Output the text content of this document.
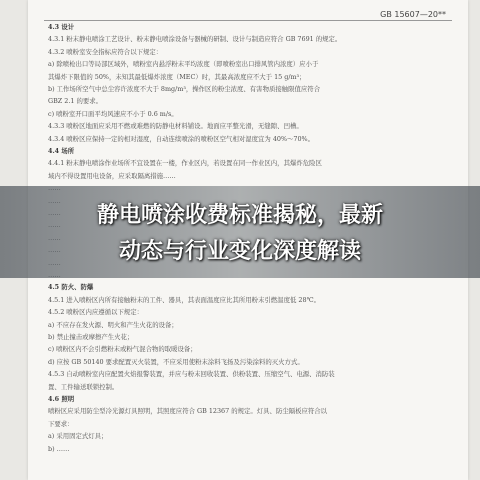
GB 15607—20**
4.3 设计
4.3.1 粉末静电喷涂工艺设计、粉末静电喷涂设备与器械的研制、设计与制造应符合 GB 7691 的规定。
4.3.2 喷粉室安全指标应符合以下规定：
a) 除喷枪出口等局部区域外，喷粉室内悬浮粉末平均浓度（即喷粉室出口排风管内浓度）应小于
其爆炸下限值的 50%，未知其最低爆炸浓度（MEC）时，其最高浓度应不大于 15 g/m³；
b) 工作场所空气中总尘容许浓度不大于 8mg/m³，操作区的粉尘浓度、有害物质接触限值应符合
GBZ 2.1 的要求。
c) 喷粉室开口面平均风速应不小于 0.6 m/s。
4.3.3 喷粉区地面应采用不燃或难燃的防静电材料铺设。地面应平整光滑，无缝隙、凹槽。
4.3.4 喷粉区应保持一定的相对湿度，自动连续喷涂的喷粉区空气相对湿度宜为 40%～70%。
4.4 场所
4.4.1 粉末静电喷涂作业场所不宜设置在一楼，作业区内，若设置在同一作业区内，其爆炸危险区
域内不得设置用电设备，应采取隔离措施……
4.5 防火、防爆
4.5.1 进入喷粉区内所有接触粉末的工件、器具，其表面温度应比其所用粉末引燃温度低 28℃。
4.5.2 喷粉区内应遵循以下规定：
a) 不应存在发火源、明火和产生火花的设备；
b) 禁止撞击或摩擦产生火花；
c) 喷粉区内不会引燃粉末或粉气混合物的取暖设备；
d) 应按 GB 50140 要求配置灭火装置，不应采用使粉末涂料飞扬及污染涂料的灭火方式。
4.5.3 自动喷粉室内应配置火焰报警装置，并应与粉末回收装置、供粉装置、压缩空气、电源、消防装
置、工件输送联锁控制。
4.6 照明
喷粉区应采用防尘型冷光源灯具照明，其照度应符合 GB 12367 的规定。灯具、防尘隔板应符合以
下要求：
a) 采用固定式灯具；
b) ……
静电喷涂收费标准揭秘，最新
动态与行业变化深度解读
